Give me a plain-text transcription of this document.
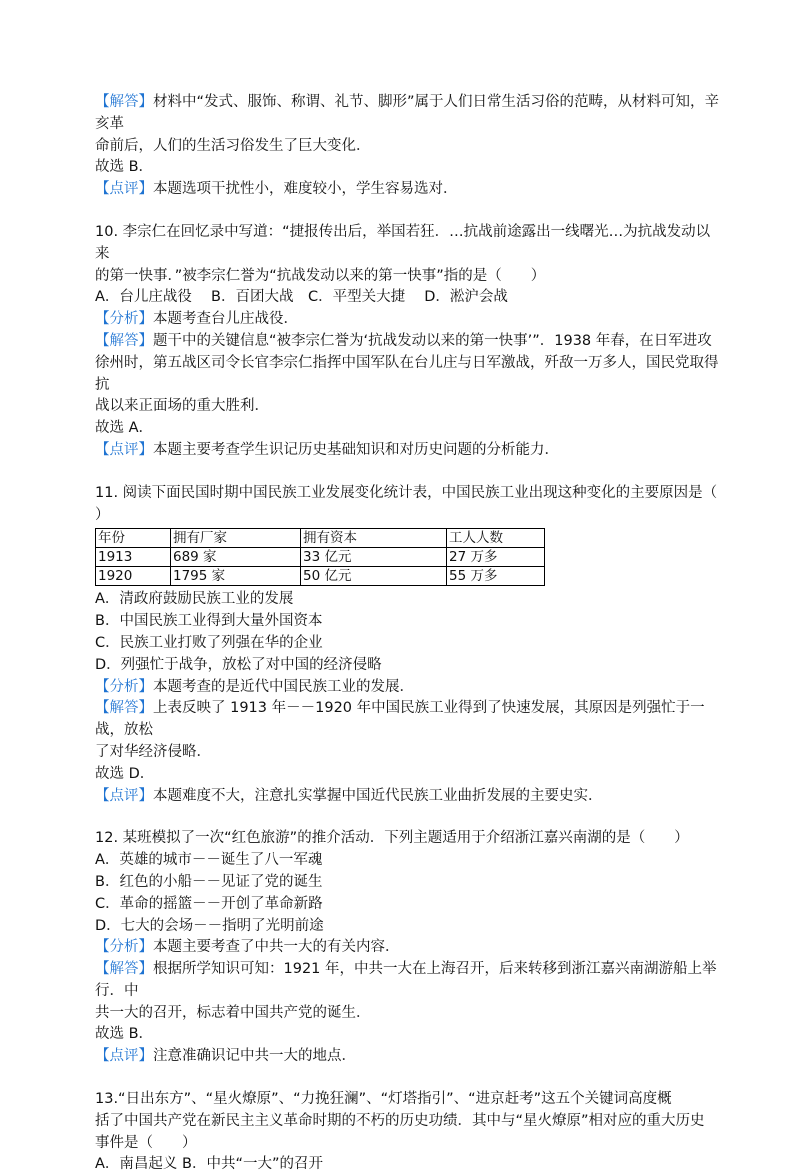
【解答】材料中“发式、服饰、称谓、礼节、脚形”属于人们日常生活习俗的范畴，从材料可知，辛亥革

命前后，人们的生活习俗发生了巨大变化．

故选 B．

【点评】本题选项干扰性小，难度较小，学生容易选对．

10. 李宗仁在回忆录中写道：“捷报传出后，举国若狂．…抗战前途露出一线曙光…为抗战发动以来

的第一快事．”被李宗仁誉为“抗战发动以来的第一快事”指的是（　　）

A．台儿庄战役　 B．百团大战　C．平型关大捷　 D．淞沪会战

【分析】本题考查台儿庄战役．

【解答】题干中的关键信息“被李宗仁誉为‘抗战发动以来的第一快事’”．1938 年春，在日军进攻

徐州时，第五战区司令长官李宗仁指挥中国军队在台儿庄与日军激战，歼敌一万多人，国民党取得抗

战以来正面场的重大胜利．

故选 A．

【点评】本题主要考查学生识记历史基础知识和对历史问题的分析能力．

11. 阅读下面民国时期中国民族工业发展变化统计表，中国民族工业出现这种变化的主要原因是（

）

年份	拥有厂家	拥有资本	工人人数
1913	689 家	33 亿元	27 万多
1920	1795 家	50 亿元	55 万多

A．清政府鼓励民族工业的发展

B．中国民族工业得到大量外国资本

C．民族工业打败了列强在华的企业

D．列强忙于战争，放松了对中国的经济侵略

【分析】本题考查的是近代中国民族工业的发展．

【解答】上表反映了 1913 年－－1920 年中国民族工业得到了快速发展，其原因是列强忙于一战，放松

了对华经济侵略．

故选 D．

【点评】本题难度不大，注意扎实掌握中国近代民族工业曲折发展的主要史实．

12. 某班模拟了一次“红色旅游”的推介活动．下列主题适用于介绍浙江嘉兴南湖的是（　　）

A．英雄的城市－－诞生了八一军魂

B．红色的小船－－见证了党的诞生

C．革命的摇篮－－开创了革命新路

D．七大的会场－－指明了光明前途

【分析】本题主要考查了中共一大的有关内容．

【解答】根据所学知识可知：1921 年，中共一大在上海召开，后来转移到浙江嘉兴南湖游船上举行．中

共一大的召开，标志着中国共产党的诞生．

故选 B．

【点评】注意准确识记中共一大的地点．

13.“日出东方”、“星火燎原”、“力挽狂澜”、“灯塔指引”、“进京赶考”这五个关键词高度概

括了中国共产党在新民主主义革命时期的不朽的历史功绩．其中与“星火燎原”相对应的重大历史

事件是（　　）

A．南昌起义 B．中共“一大”的召开
